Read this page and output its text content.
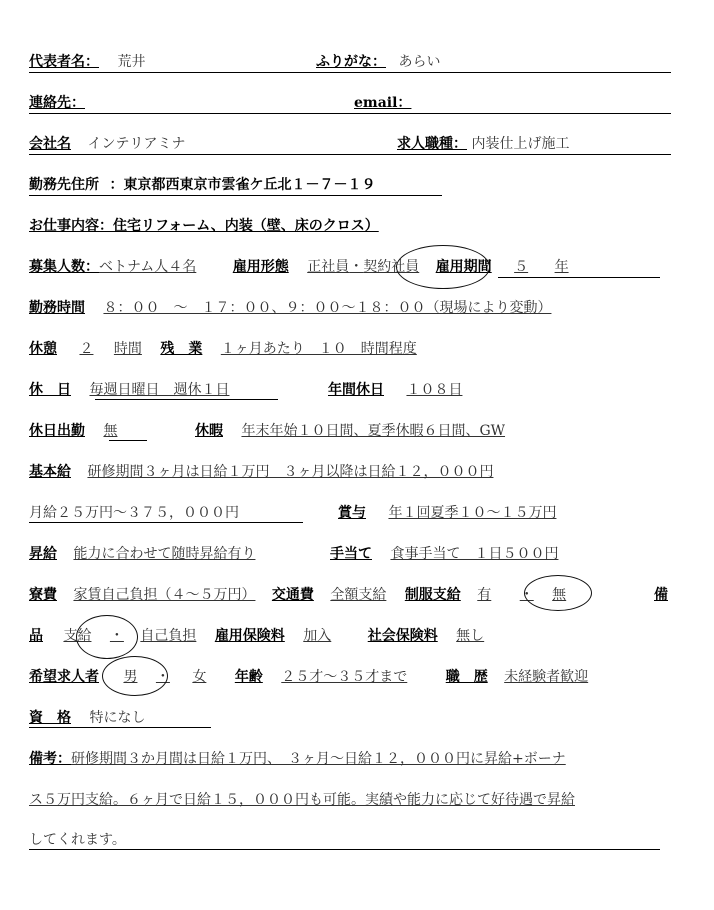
代表者名： 荒井	ふりがな： あらい
連絡先：	email：
会社名 インテリアミナ	求人職種： 内装仕上げ施工
勤務先住所 ：東京都西東京市雲雀ケ丘北１－７－１９
お仕事内容：住宅リフォーム、内装（壁、床のクロス）
募集人数：ベトナム人４名	雇用形態 正社員・契約社員 雇用期間 ５ 年
勤務時間 ８：００　～　１７：００、９：００～１８：００（現場により変動）
休憩 ２ 時間 残　業 １ヶ月あたり　１０　時間程度
休　日 毎週日曜日　週休１日	年間休日 １０８日
休日出勤 無	休暇 年末年始１０日間、夏季休暇６日間、GW
基本給 研修期間３ヶ月は日給１万円　３ヶ月以降は日給１２，０００円
月給２５万円～３７５，０００円	賞与 年１回夏季１０～１５万円
昇給 能力に合わせて随時昇給有り	手当て 食事手当て　１日５００円
寮費 家賃自己負担（４～５万円） 交通費 全額支給 制服支給 有 ・ 無	備
品 支給 ・ 自己負担 雇用保険料 加入	社会保険料 無し
希望求人者 男 ・ 女 年齢 ２５才～３５才まで	職　歴 未経験者歓迎
資　格 特になし
備考：研修期間３か月間は日給１万円、　３ヶ月～日給１２，０００円に昇給+ボーナ
ス５万円支給。６ヶ月で日給１５，０００円も可能。実績や能力に応じて好待遇で昇給
してくれます。
